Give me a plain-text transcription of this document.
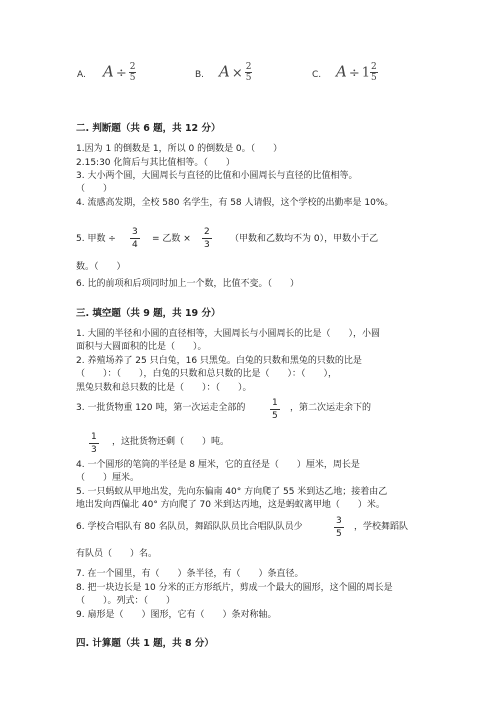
A. $A \div \frac{2}{5}$	B. $A \times \frac{2}{5}$	C. $A \div 1 \frac{2}{5}$
二. 判断题（共 6 题，共 12 分）
1.因为 1 的倒数是 1，所以 0 的倒数是 0。（　　）
2.15:30 化简后与其比值相等。（　　）
3. 大小两个圆，大圆周长与直径的比值和小圆周长与直径的比值相等。
（　　）
4. 流感高发期，全校 580 名学生，有 58 人请假，这个学校的出勤率是 10%。
5. 甲数 ÷ $\frac{3}{4}$ = 乙数 × $\frac{2}{3}$ （甲数和乙数均不为 0），甲数小于乙
数。（　　）
6. 比的前项和后项同时加上一个数，比值不变。（　　）
三. 填空题（共 9 题，共 19 分）
1. 大圆的半径和小圆的直径相等，大圆周长与小圆周长的比是（　　），小圆
面积与大圆面积的比是（　　）。
2. 养殖场养了 25 只白兔，16 只黑兔。白兔的只数和黑兔的只数的比是
（　　）：（　　），白兔的只数和总只数的比是（　　）：（　　），
黑兔只数和总只数的比是（　　）：（　　）。
3. 一批货物重 120 吨，第一次运走全部的	$\frac{1}{5}$ ，第二次运走余下的
$\frac{1}{3}$ ，这批货物还剩（　　）吨。
4. 一个圆形的笔筒的半径是 8 厘米，它的直径是（　　）厘米，周长是
（　　）厘米。
5. 一只蚂蚁从甲地出发，先向东偏南 40° 方向爬了 55 米到达乙地；接着由乙
地出发向西偏北 40° 方向爬了 70 米到达丙地，这是蚂蚁离甲地（　　）米。
6. 学校合唱队有 80 名队员，舞蹈队队员比合唱队队员少	$\frac{3}{5}$ ，学校舞蹈队
有队员（　　）名。
7. 在一个圆里，有（　　）条半径，有（　　）条直径。
8. 把一块边长是 10 分米的正方形纸片，剪成一个最大的圆形，这个圆的周长是
（　　）。列式：（　　）
9. 扇形是（　　）图形，它有（　　）条对称轴。
四. 计算题（共 1 题，共 8 分）
